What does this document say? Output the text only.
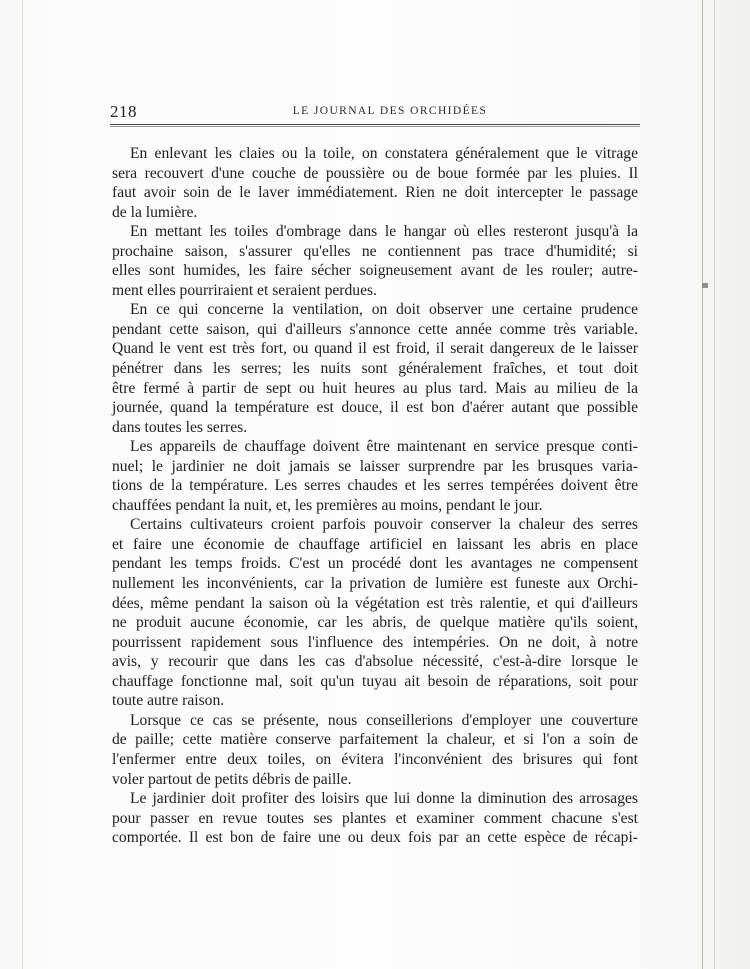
218	LE JOURNAL DES ORCHIDÉES
En enlevant les claies ou la toile, on constatera généralement que le vitrage
sera recouvert d'une couche de poussière ou de boue formée par les pluies. Il
faut avoir soin de le laver immédiatement. Rien ne doit intercepter le passage
de la lumière.
En mettant les toiles d'ombrage dans le hangar où elles resteront jusqu'à la
prochaine saison, s'assurer qu'elles ne contiennent pas trace d'humidité; si
elles sont humides, les faire sécher soigneusement avant de les rouler; autre-
ment elles pourriraient et seraient perdues.
En ce qui concerne la ventilation, on doit observer une certaine prudence
pendant cette saison, qui d'ailleurs s'annonce cette année comme très variable.
Quand le vent est très fort, ou quand il est froid, il serait dangereux de le laisser
pénétrer dans les serres; les nuits sont généralement fraîches, et tout doit
être fermé à partir de sept ou huit heures au plus tard. Mais au milieu de la
journée, quand la température est douce, il est bon d'aérer autant que possible
dans toutes les serres.
Les appareils de chauffage doivent être maintenant en service presque conti-
nuel; le jardinier ne doit jamais se laisser surprendre par les brusques varia-
tions de la température. Les serres chaudes et les serres tempérées doivent être
chauffées pendant la nuit, et, les premières au moins, pendant le jour.
Certains cultivateurs croient parfois pouvoir conserver la chaleur des serres
et faire une économie de chauffage artificiel en laissant les abris en place
pendant les temps froids. C'est un procédé dont les avantages ne compensent
nullement les inconvénients, car la privation de lumière est funeste aux Orchi-
dées, même pendant la saison où la végétation est très ralentie, et qui d'ailleurs
ne produit aucune économie, car les abris, de quelque matière qu'ils soient,
pourrissent rapidement sous l'influence des intempéries. On ne doit, à notre
avis, y recourir que dans les cas d'absolue nécessité, c'est-à-dire lorsque le
chauffage fonctionne mal, soit qu'un tuyau ait besoin de réparations, soit pour
toute autre raison.
Lorsque ce cas se présente, nous conseillerions d'employer une couverture
de paille; cette matière conserve parfaitement la chaleur, et si l'on a soin de
l'enfermer entre deux toiles, on évitera l'inconvénient des brisures qui font
voler partout de petits débris de paille.
Le jardinier doit profiter des loisirs que lui donne la diminution des arrosages
pour passer en revue toutes ses plantes et examiner comment chacune s'est
comportée. Il est bon de faire une ou deux fois par an cette espèce de récapi-
